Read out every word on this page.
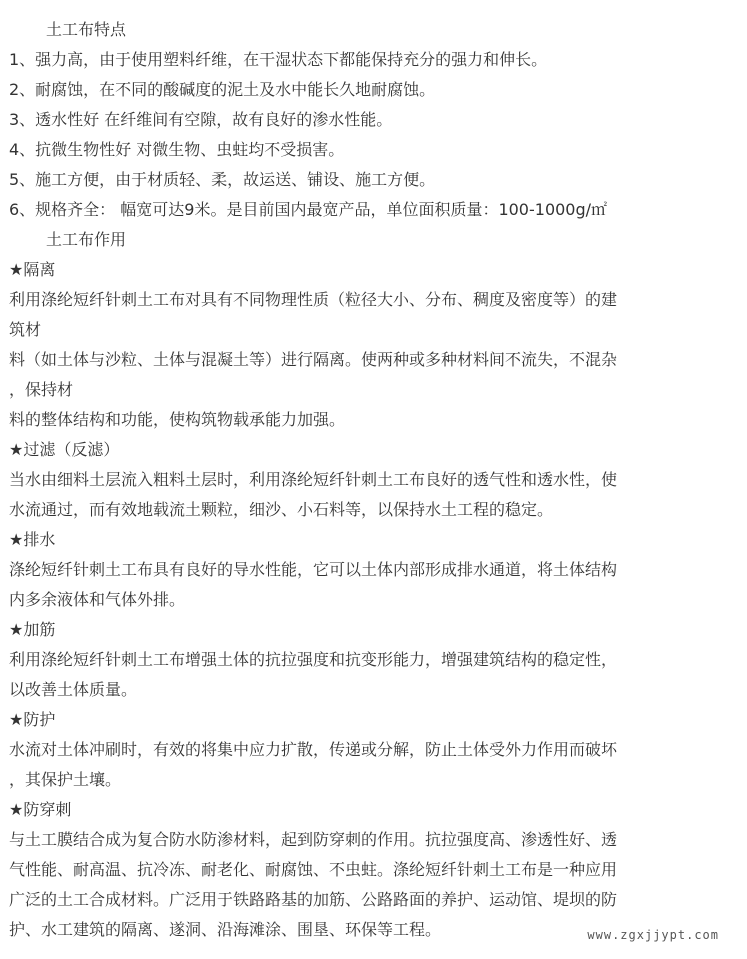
土工布特点
1、强力高，由于使用塑料纤维，在干湿状态下都能保持充分的强力和伸长。
2、耐腐蚀，在不同的酸碱度的泥土及水中能长久地耐腐蚀。
3、透水性好 在纤维间有空隙，故有良好的渗水性能。
4、抗微生物性好 对微生物、虫蛀均不受损害。
5、施工方便，由于材质轻、柔，故运送、铺设、施工方便。
6、规格齐全： 幅宽可达9米。是目前国内最宽产品，单位面积质量：100-1000g/㎡
土工布作用
★隔离
利用涤纶短纤针刺土工布对具有不同物理性质（粒径大小、分布、稠度及密度等）的建
筑材
料（如土体与沙粒、土体与混凝土等）进行隔离。使两种或多种材料间不流失，不混杂
，保持材
料的整体结构和功能，使构筑物载承能力加强。
★过滤（反滤）
当水由细料土层流入粗料土层时，利用涤纶短纤针刺土工布良好的透气性和透水性，使
水流通过，而有效地载流土颗粒，细沙、小石料等，以保持水土工程的稳定。
★排水
涤纶短纤针刺土工布具有良好的导水性能，它可以土体内部形成排水通道，将土体结构
内多余液体和气体外排。
★加筋
利用涤纶短纤针刺土工布增强土体的抗拉强度和抗变形能力，增强建筑结构的稳定性，
以改善土体质量。
★防护
水流对土体冲刷时，有效的将集中应力扩散，传递或分解，防止土体受外力作用而破坏
，其保护土壤。
★防穿刺
与土工膜结合成为复合防水防渗材料，起到防穿刺的作用。抗拉强度高、渗透性好、透
气性能、耐高温、抗冷冻、耐老化、耐腐蚀、不虫蛀。涤纶短纤针刺土工布是一种应用
广泛的土工合成材料。广泛用于铁路路基的加筋、公路路面的养护、运动馆、堤坝的防
护、水工建筑的隔离、遂洞、沿海滩涂、围垦、环保等工程。	www.zgxjjypt.com
